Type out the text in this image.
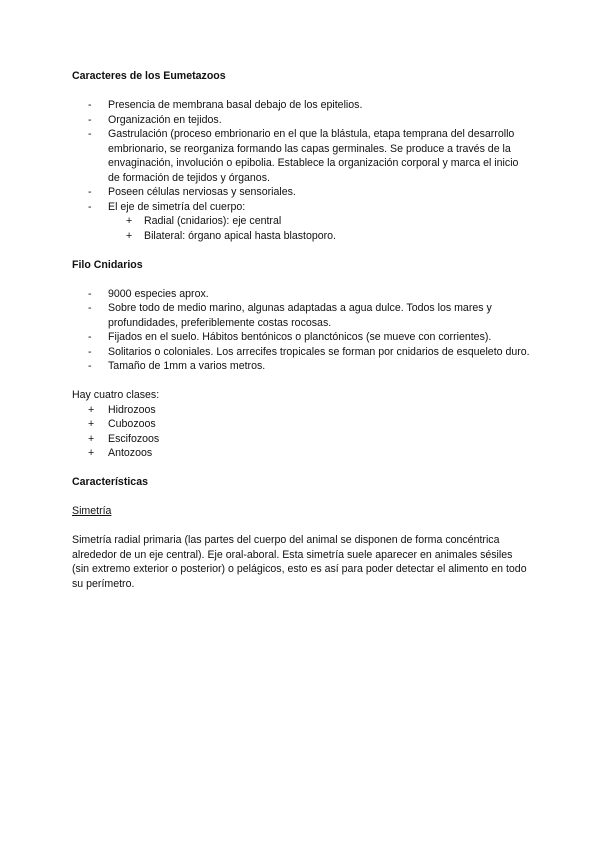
Caracteres de los Eumetazoos
-	Presencia de membrana basal debajo de los epitelios.
-	Organización en tejidos.
-	Gastrulación (proceso embrionario en el que la blástula, etapa temprana del desarrollo embrionario, se reorganiza formando las capas germinales. Se produce a través de la envaginación, involución o epibolia. Establece la organización corporal y marca el inicio de formación de tejidos y órganos.
-	Poseen células nerviosas y sensoriales.
-	El eje de simetría del cuerpo:
+ Radial (cnidarios): eje central
+ Bilateral: órgano apical hasta blastoporo.
Filo Cnidarios
-	9000 especies aprox.
-	Sobre todo de medio marino, algunas adaptadas a agua dulce. Todos los mares y profundidades, preferiblemente costas rocosas.
-	Fijados en el suelo. Hábitos bentónicos o planctónicos (se mueve con corrientes).
-	Solitarios o coloniales. Los arrecifes tropicales se forman por cnidarios de esqueleto duro.
-	Tamaño de 1mm a varios metros.

Hay cuatro clases:

+	Hidrozoos
+	Cubozoos
+	Escifozoos
+	Antozoos
Características

Simetría

Simetría radial primaria (las partes del cuerpo del animal se disponen de forma concéntrica alrededor de un eje central). Eje oral-aboral. Esta simetría suele aparecer en animales sésiles (sin extremo exterior o posterior) o pelágicos, esto es así para poder detectar el alimento en todo su perímetro.
